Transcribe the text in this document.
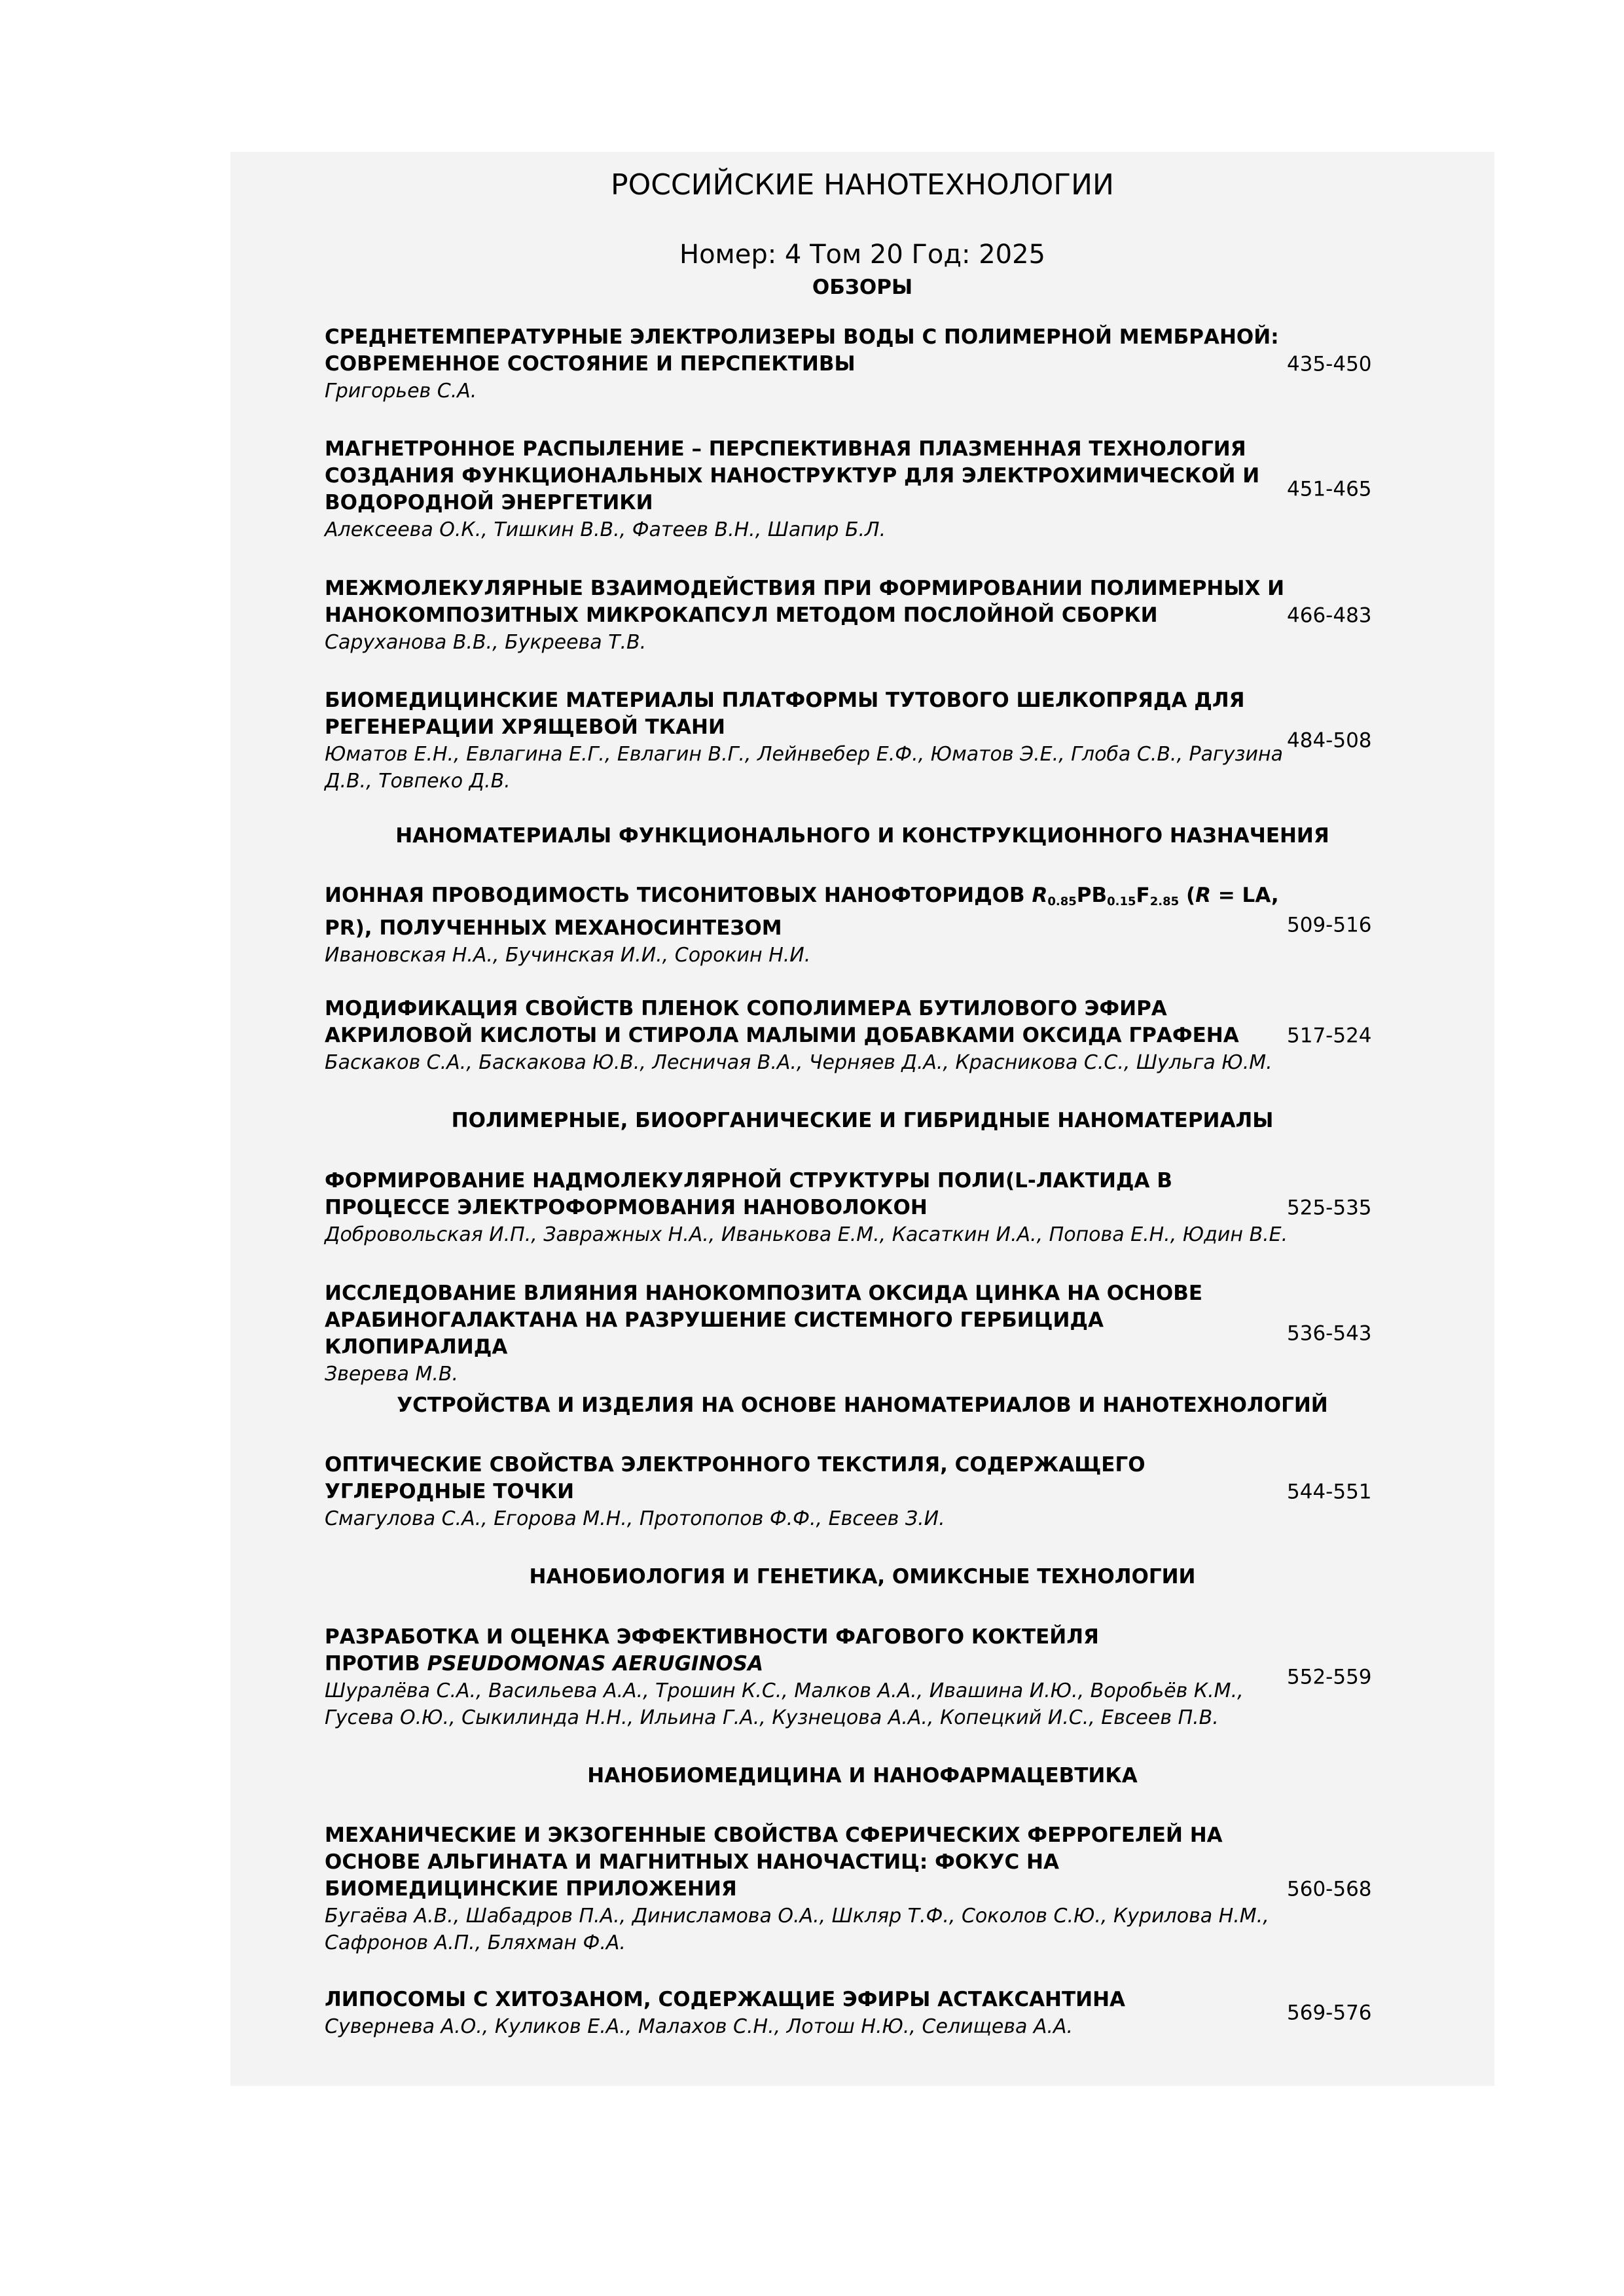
РОССИЙСКИЕ НАНОТЕХНОЛОГИИ
Номер: 4 Том 20 Год: 2025
ОБЗОРЫ
СРЕДНЕТЕМПЕРАТУРНЫЕ ЭЛЕКТРОЛИЗЕРЫ ВОДЫ С ПОЛИМЕРНОЙ МЕМБРАНОЙ: СОВРЕМЕННОЕ СОСТОЯНИЕ И ПЕРСПЕКТИВЫ
Григорьев С.А.
435-450
МАГНЕТРОННОЕ РАСПЫЛЕНИЕ – ПЕРСПЕКТИВНАЯ ПЛАЗМЕННАЯ ТЕХНОЛОГИЯ СОЗДАНИЯ ФУНКЦИОНАЛЬНЫХ НАНОСТРУКТУР ДЛЯ ЭЛЕКТРОХИМИЧЕСКОЙ И ВОДОРОДНОЙ ЭНЕРГЕТИКИ
Алексеева О.К., Тишкин В.В., Фатеев В.Н., Шапир Б.Л.
451-465
МЕЖМОЛЕКУЛЯРНЫЕ ВЗАИМОДЕЙСТВИЯ ПРИ ФОРМИРОВАНИИ ПОЛИМЕРНЫХ И НАНОКОМПОЗИТНЫХ МИКРОКАПСУЛ МЕТОДОМ ПОСЛОЙНОЙ СБОРКИ
Саруханова В.В., Букреева Т.В.
466-483
БИОМЕДИЦИНСКИЕ МАТЕРИАЛЫ ПЛАТФОРМЫ ТУТОВОГО ШЕЛКОПРЯДА ДЛЯ РЕГЕНЕРАЦИИ ХРЯЩЕВОЙ ТКАНИ
Юматов Е.Н., Евлагина Е.Г., Евлагин В.Г., Лейнвебер Е.Ф., Юматов Э.Е., Глоба С.В., Рагузина Д.В., Товпеко Д.В.
484-508
НАНОМАТЕРИАЛЫ ФУНКЦИОНАЛЬНОГО И КОНСТРУКЦИОННОГО НАЗНАЧЕНИЯ
ИОННАЯ ПРОВОДИМОСТЬ ТИСОНИТОВЫХ НАНОФТОРИДОВ $R_{0.85}PB_{0.15}F_{2.85}$ (R = LA, PR), ПОЛУЧЕННЫХ МЕХАНОСИНТЕЗОМ
Ивановская Н.А., Бучинская И.И., Сорокин Н.И.
509-516
МОДИФИКАЦИЯ СВОЙСТВ ПЛЕНОК СОПОЛИМЕРА БУТИЛОВОГО ЭФИРА АКРИЛОВОЙ КИСЛОТЫ И СТИРОЛА МАЛЫМИ ДОБАВКАМИ ОКСИДА ГРАФЕНА
Баскаков С.А., Баскакова Ю.В., Лесничая В.А., Черняев Д.А., Красникова С.С., Шульга Ю.М.
517-524
ПОЛИМЕРНЫЕ, БИООРГАНИЧЕСКИЕ И ГИБРИДНЫЕ НАНОМАТЕРИАЛЫ
ФОРМИРОВАНИЕ НАДМОЛЕКУЛЯРНОЙ СТРУКТУРЫ ПОЛИ(L-ЛАКТИДА В ПРОЦЕССЕ ЭЛЕКТРОФОРМОВАНИЯ НАНОВОЛОКОН
Добровольская И.П., Завражных Н.А., Иванькова Е.М., Касаткин И.А., Попова Е.Н., Юдин В.Е.
525-535
ИССЛЕДОВАНИЕ ВЛИЯНИЯ НАНОКОМПОЗИТА ОКСИДА ЦИНКА НА ОСНОВЕ АРАБИНОГАЛАКТАНА НА РАЗРУШЕНИЕ СИСТЕМНОГО ГЕРБИЦИДА КЛОПИРАЛИДА
Зверева М.В.
536-543
УСТРОЙСТВА И ИЗДЕЛИЯ НА ОСНОВЕ НАНОМАТЕРИАЛОВ И НАНОТЕХНОЛОГИЙ
ОПТИЧЕСКИЕ СВОЙСТВА ЭЛЕКТРОННОГО ТЕКСТИЛЯ, СОДЕРЖАЩЕГО УГЛЕРОДНЫЕ ТОЧКИ
Смагулова С.А., Егорова М.Н., Протопопов Ф.Ф., Евсеев З.И.
544-551
НАНОБИОЛОГИЯ И ГЕНЕТИКА, ОМИКСНЫЕ ТЕХНОЛОГИИ
РАЗРАБОТКА И ОЦЕНКА ЭФФЕКТИВНОСТИ ФАГОВОГО КОКТЕЙЛЯ
ПРОТИВ PSEUDOMONAS AERUGINOSA
Шуралёва С.А., Васильева А.А., Трошин К.С., Малков А.А., Ивашина И.Ю., Воробьёв К.М., Гусева О.Ю., Сыкилинда Н.Н., Ильина Г.А., Кузнецова А.А., Копецкий И.С., Евсеев П.В.
552-559
НАНОБИОМЕДИЦИНА И НАНОФАРМАЦЕВТИКА
МЕХАНИЧЕСКИЕ И ЭКЗОГЕННЫЕ СВОЙСТВА СФЕРИЧЕСКИХ ФЕРРОГЕЛЕЙ НА ОСНОВЕ АЛЬГИНАТА И МАГНИТНЫХ НАНОЧАСТИЦ: ФОКУС НА БИОМЕДИЦИНСКИЕ ПРИЛОЖЕНИЯ
Бугаёва А.В., Шабадров П.А., Динисламова О.А., Шкляр Т.Ф., Соколов С.Ю., Курилова Н.М., Сафронов А.П., Бляхман Ф.А.
560-568
ЛИПОСОМЫ С ХИТОЗАНОМ, СОДЕРЖАЩИЕ ЭФИРЫ АСТАКСАНТИНА
Сувернева А.О., Куликов Е.А., Малахов С.Н., Лотош Н.Ю., Селищева А.А.
569-576
